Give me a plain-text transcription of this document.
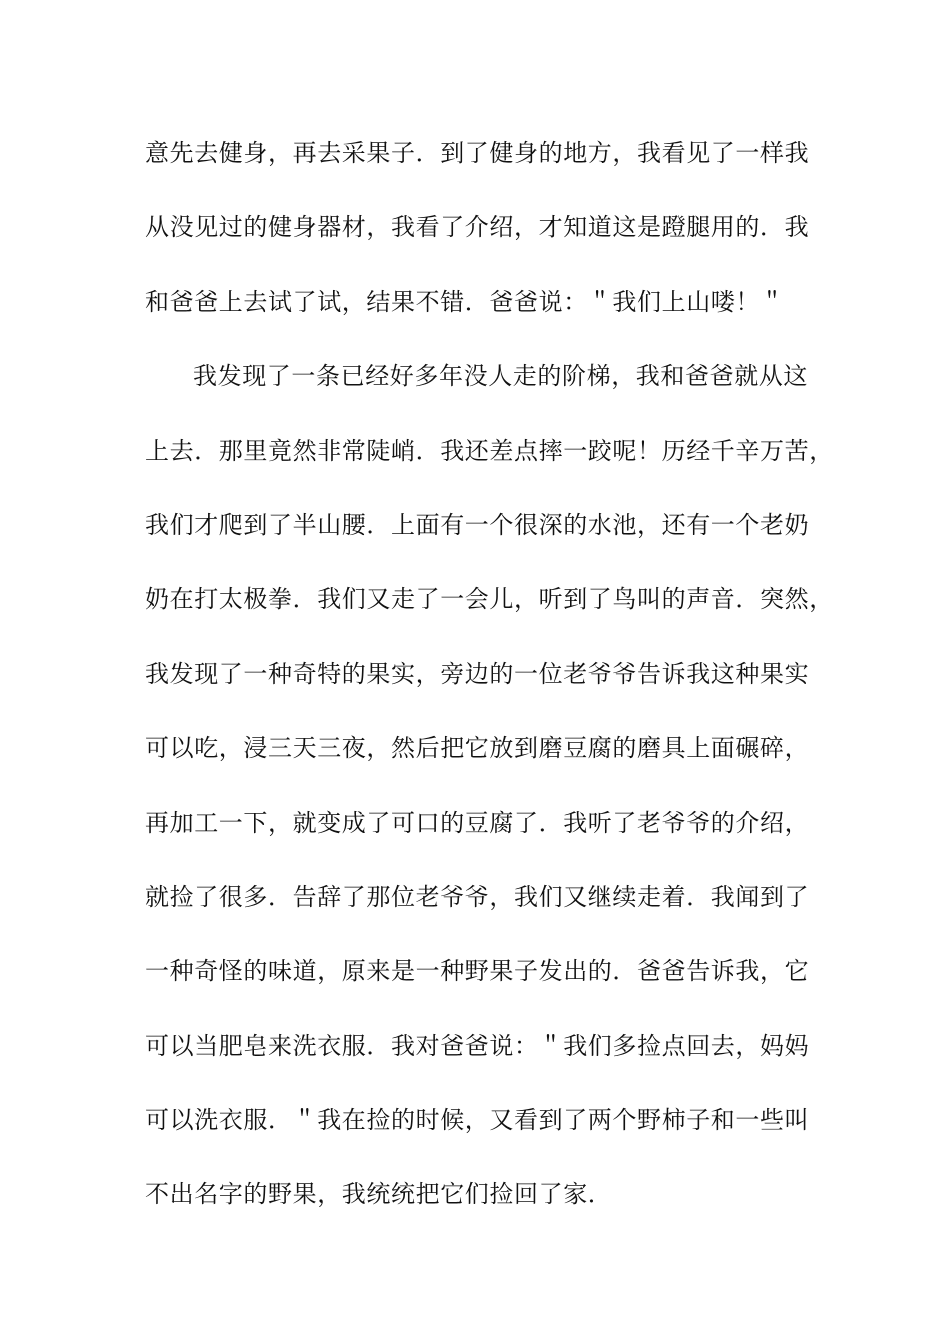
意先去健身，再去采果子．到了健身的地方，我看见了一样我
从没见过的健身器材，我看了介绍，才知道这是蹬腿用的．我
和爸爸上去试了试，结果不错．爸爸说：＂我们上山喽！＂
我发现了一条已经好多年没人走的阶梯，我和爸爸就从这
上去．那里竟然非常陡峭．我还差点摔一跤呢！历经千辛万苦，
我们才爬到了半山腰．上面有一个很深的水池，还有一个老奶
奶在打太极拳．我们又走了一会儿，听到了鸟叫的声音．突然，
我发现了一种奇特的果实，旁边的一位老爷爷告诉我这种果实
可以吃，浸三天三夜，然后把它放到磨豆腐的磨具上面碾碎，
再加工一下，就变成了可口的豆腐了．我听了老爷爷的介绍，
就捡了很多．告辞了那位老爷爷，我们又继续走着．我闻到了
一种奇怪的味道，原来是一种野果子发出的．爸爸告诉我，它
可以当肥皂来洗衣服．我对爸爸说：＂我们多捡点回去，妈妈
可以洗衣服．＂我在捡的时候，又看到了两个野柿子和一些叫
不出名字的野果，我统统把它们捡回了家．
